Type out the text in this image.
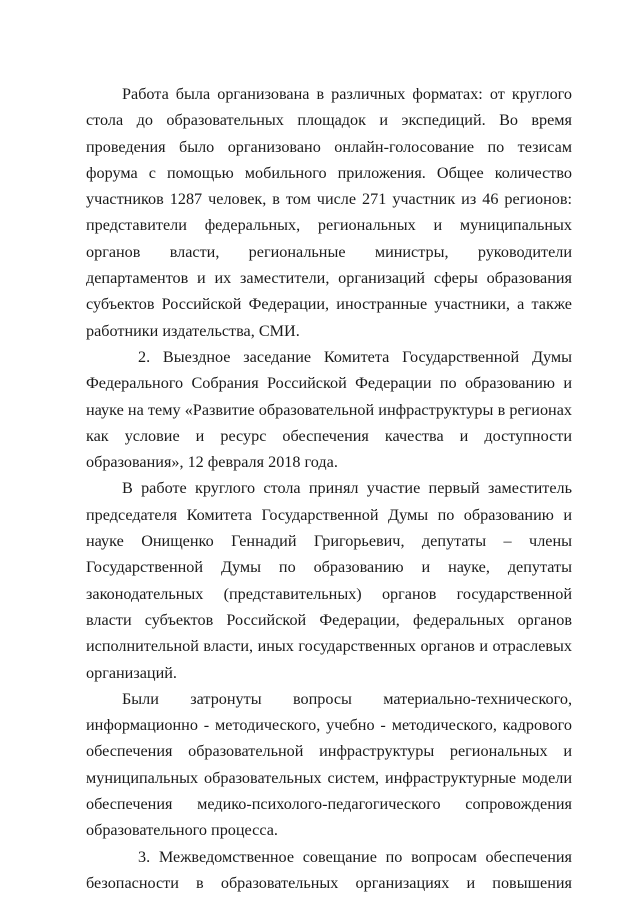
Работа была организована в различных форматах: от круглого стола до образовательных площадок и экспедиций. Во время проведения было организовано онлайн-голосование по тезисам форума с помощью мобильного приложения. Общее количество участников 1287 человек, в том числе 271 участник из 46 регионов: представители федеральных, региональных и муниципальных органов власти, региональные министры, руководители департаментов и их заместители, организаций сферы образования субъектов Российской Федерации, иностранные участники, а также работники издательства, СМИ.

2. Выездное заседание Комитета Государственной Думы Федерального Собрания Российской Федерации по образованию и науке на тему «Развитие образовательной инфраструктуры в регионах как условие и ресурс обеспечения качества и доступности образования», 12 февраля 2018 года.

В работе круглого стола принял участие первый заместитель председателя Комитета Государственной Думы по образованию и науке Онищенко Геннадий Григорьевич, депутаты – члены Государственной Думы по образованию и науке, депутаты законодательных (представительных) органов государственной власти субъектов Российской Федерации, федеральных органов исполнительной власти, иных государственных органов и отраслевых организаций.

Были затронуты вопросы материально-технического, информационно - методического, учебно - методического, кадрового обеспечения образовательной инфраструктуры региональных и муниципальных образовательных систем, инфраструктурные модели обеспечения медико-психолого-педагогического сопровождения образовательного процесса.

3. Межведомственное совещание по вопросам обеспечения безопасности в образовательных организациях и повышения
